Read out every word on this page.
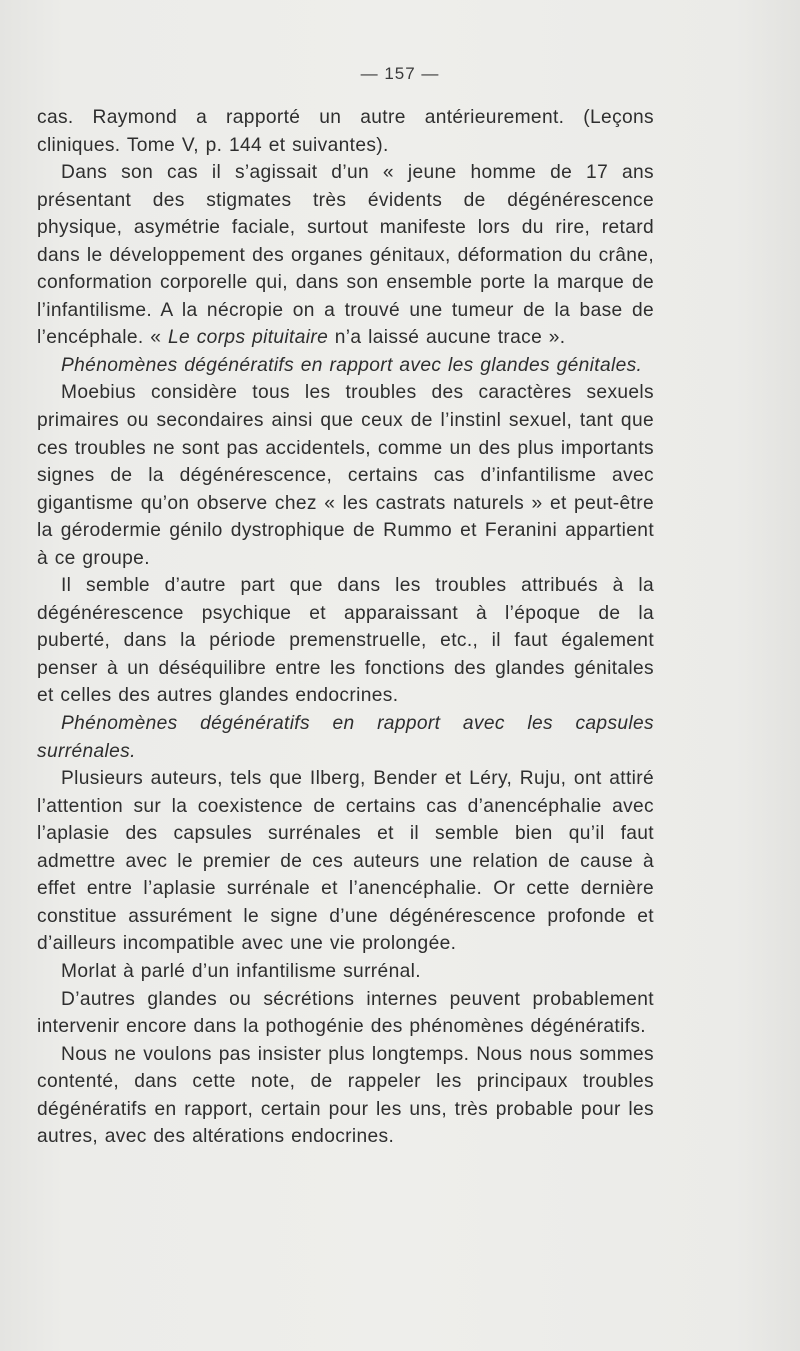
— 157 —

cas. Raymond a rapporté un autre antérieurement. (Leçons cliniques. Tome V, p. 144 et suivantes).

Dans son cas il s’agissait d’un « jeune homme de 17 ans présentant des stigmates très évidents de dégénérescence physique, asymétrie faciale, surtout manifeste lors du rire, retard dans le développement des organes génitaux, déformation du crâne, conformation corporelle qui, dans son ensemble porte la marque de l’infantilisme. A la nécropie on a trouvé une tumeur de la base de l’encéphale. « Le corps pituitaire n’a laissé aucune trace ».

Phénomènes dégénératifs en rapport avec les glandes génitales.

Moebius considère tous les troubles des caractères sexuels primaires ou secondaires ainsi que ceux de l’instinl sexuel, tant que ces troubles ne sont pas accidentels, comme un des plus importants signes de la dégénérescence, certains cas d’infantilisme avec gigantisme qu’on observe chez « les castrats naturels » et peut-être la gérodermie génilo dystrophique de Rummo et Feranini appartient à ce groupe.

Il semble d’autre part que dans les troubles attribués à la dégénérescence psychique et apparaissant à l’époque de la puberté, dans la période premenstruelle, etc., il faut également penser à un déséquilibre entre les fonctions des glandes génitales et celles des autres glandes endocrines.

Phénomènes dégénératifs en rapport avec les capsules surrénales.

Plusieurs auteurs, tels que Ilberg, Bender et Léry, Ruju, ont attiré l’attention sur la coexistence de certains cas d’anencéphalie avec l’aplasie des capsules surrénales et il semble bien qu’il faut admettre avec le premier de ces auteurs une relation de cause à effet entre l’aplasie surrénale et l’anencéphalie. Or cette dernière constitue assurément le signe d’une dégénérescence profonde et d’ailleurs incompatible avec une vie prolongée.

Morlat à parlé d’un infantilisme surrénal.

D’autres glandes ou sécrétions internes peuvent probablement intervenir encore dans la pothogénie des phénomènes dégénératifs.

Nous ne voulons pas insister plus longtemps. Nous nous sommes contenté, dans cette note, de rappeler les principaux troubles dégénératifs en rapport, certain pour les uns, très probable pour les autres, avec des altérations endocrines.
